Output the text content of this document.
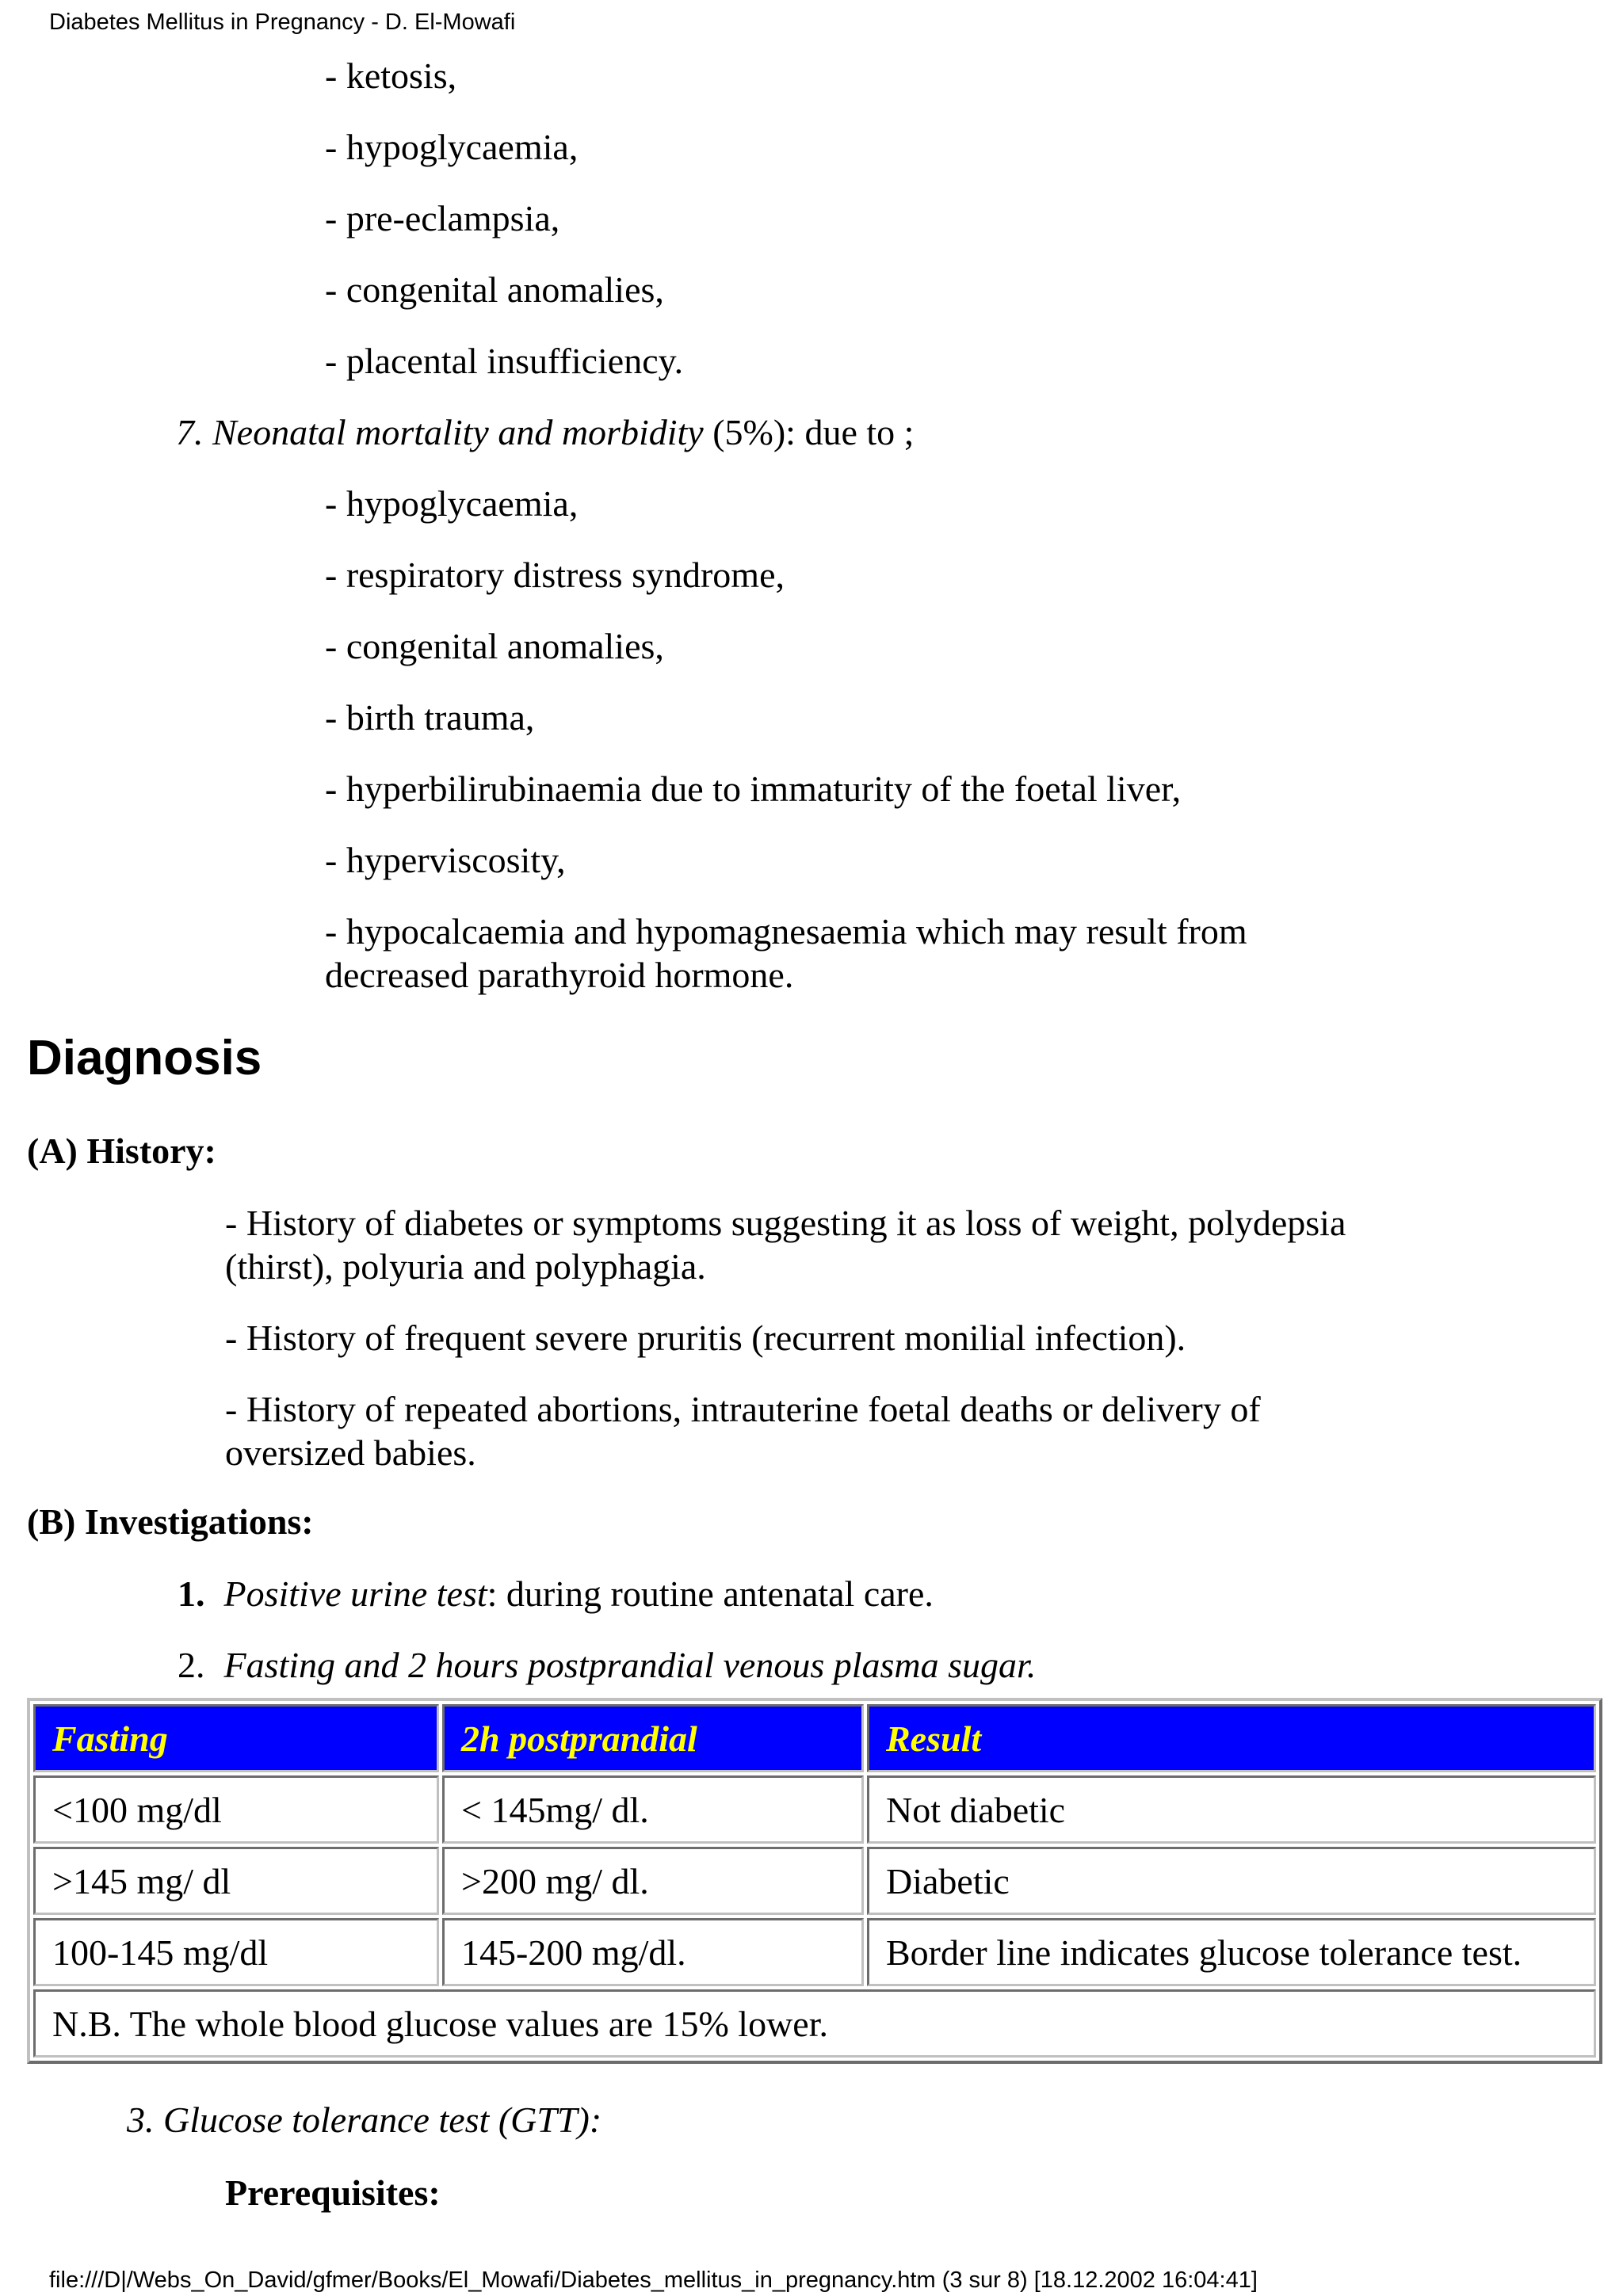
Diabetes Mellitus in Pregnancy - D. El-Mowafi
- ketosis,
- hypoglycaemia,
- pre-eclampsia,
- congenital anomalies,
- placental insufficiency.
7. Neonatal mortality and morbidity (5%): due to ;
- hypoglycaemia,
- respiratory distress syndrome,
- congenital anomalies,
- birth trauma,
- hyperbilirubinaemia due to immaturity of the foetal liver,
- hyperviscosity,
- hypocalcaemia and hypomagnesaemia which may result from
decreased parathyroid hormone.
Diagnosis
(A) History:
- History of diabetes or symptoms suggesting it as loss of weight, polydepsia
(thirst), polyuria and polyphagia.
- History of frequent severe pruritis (recurrent monilial infection).
- History of repeated abortions, intrauterine foetal deaths or delivery of
oversized babies.
(B) Investigations:
1. Positive urine test: during routine antenatal care.
2. Fasting and 2 hours postprandial venous plasma sugar.
Fasting	2h postprandial	Result
<100 mg/dl	< 145mg/ dl.	Not diabetic
>145 mg/ dl	>200 mg/ dl.	Diabetic
100-145 mg/dl	145-200 mg/dl.	Border line indicates glucose tolerance test.
N.B. The whole blood glucose values are 15% lower.		
3. Glucose tolerance test (GTT):
Prerequisites:
file:///D|/Webs_On_David/gfmer/Books/El_Mowafi/Diabetes_mellitus_in_pregnancy.htm (3 sur 8) [18.12.2002 16:04:41]
